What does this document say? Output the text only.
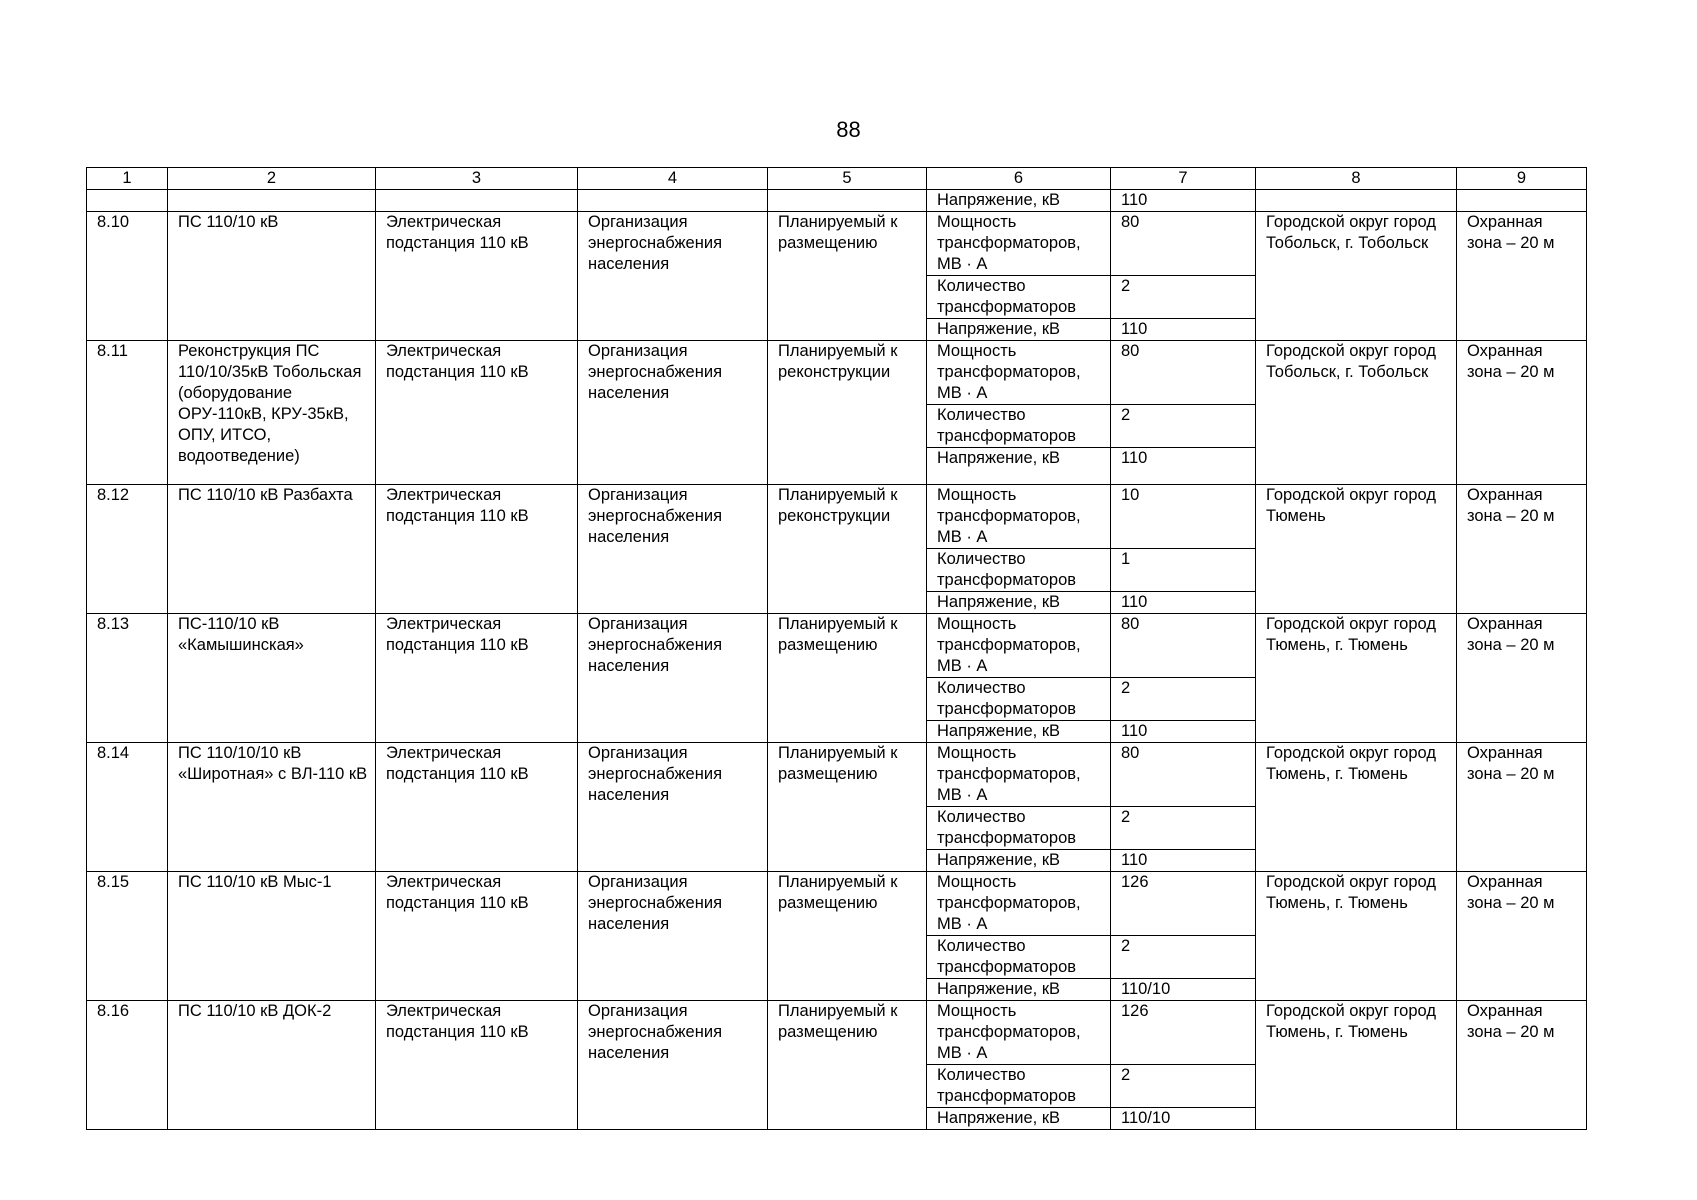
88
1	2	3	4	5	6	7	8	9
					Напряжение, кВ	110		
8.10	ПС 110/10 кВ	Электрическая подстанция 110 кВ	Организация энергоснабжения населения	Планируемый к размещению	Мощность трансформаторов, МВ · А	80	Городской округ город Тобольск, г. Тобольск	Охранная зона – 20 м
					Количество трансформаторов	2		
					Напряжение, кВ	110		
8.11	Реконструкция ПС 110/10/35кВ Тобольская (оборудование ОРУ-110кВ, КРУ-35кВ, ОПУ, ИТСО, водоотведение)	Электрическая подстанция 110 кВ	Организация энергоснабжения населения	Планируемый к реконструкции	Мощность трансформаторов, МВ · А	80	Городской округ город Тобольск, г. Тобольск	Охранная зона – 20 м
					Количество трансформаторов	2		
					Напряжение, кВ	110		
8.12	ПС 110/10 кВ Разбахта	Электрическая подстанция 110 кВ	Организация энергоснабжения населения	Планируемый к реконструкции	Мощность трансформаторов, МВ · А	10	Городской округ город Тюмень	Охранная зона – 20 м
					Количество трансформаторов	1		
					Напряжение, кВ	110		
8.13	ПС-110/10 кВ «Камышинская»	Электрическая подстанция 110 кВ	Организация энергоснабжения населения	Планируемый к размещению	Мощность трансформаторов, МВ · А	80	Городской округ город Тюмень, г. Тюмень	Охранная зона – 20 м
					Количество трансформаторов	2		
					Напряжение, кВ	110		
8.14	ПС 110/10/10 кВ «Широтная» с ВЛ-110 кВ	Электрическая подстанция 110 кВ	Организация энергоснабжения населения	Планируемый к размещению	Мощность трансформаторов, МВ · А	80	Городской округ город Тюмень, г. Тюмень	Охранная зона – 20 м
					Количество трансформаторов	2		
					Напряжение, кВ	110		
8.15	ПС 110/10 кВ Мыс-1	Электрическая подстанция 110 кВ	Организация энергоснабжения населения	Планируемый к размещению	Мощность трансформаторов, МВ · А	126	Городской округ город Тюмень, г. Тюмень	Охранная зона – 20 м
					Количество трансформаторов	2		
					Напряжение, кВ	110/10		
8.16	ПС 110/10 кВ ДОК-2	Электрическая подстанция 110 кВ	Организация энергоснабжения населения	Планируемый к размещению	Мощность трансформаторов, МВ · А	126	Городской округ город Тюмень, г. Тюмень	Охранная зона – 20 м
					Количество трансформаторов	2		
					Напряжение, кВ	110/10		
